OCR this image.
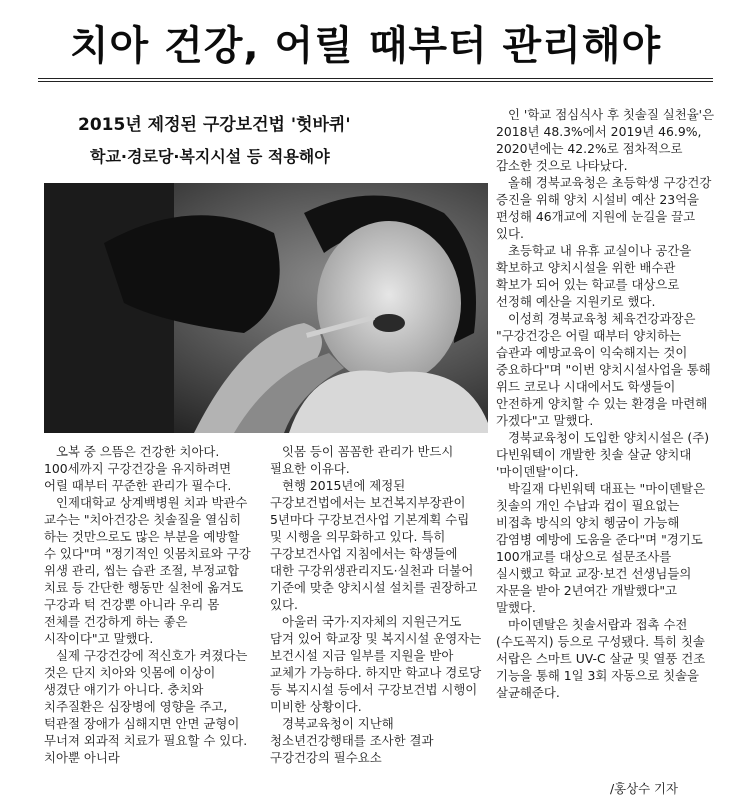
치아 건강, 어릴 때부터 관리해야
2015년 제정된 구강보건법 '헛바퀴'
학교·경로당·복지시설 등 적용해야

오복 중 으뜸은 건강한 치아다. 100세까지 구강건강을 유지하려면 어릴 때부터 꾸준한 관리가 필수다.

인제대학교 상계백병원 치과 박관수 교수는 "치아건강은 칫솔질을 열심히 하는 것만으로도 많은 부분을 예방할 수 있다"며 "정기적인 잇몸치료와 구강 위생 관리, 씹는 습관 조절, 부정교합 치료 등 간단한 행동만 실천에 옮겨도 구강과 턱 건강뿐 아니라 우리 몸 전체를 건강하게 하는 좋은 시작이다"고 말했다.

실제 구강건강에 적신호가 켜졌다는 것은 단지 치아와 잇몸에 이상이 생겼단 얘기가 아니다. 충치와 치주질환은 심장병에 영향을 주고, 턱관절 장애가 심해지면 안면 균형이 무너져 외과적 치료가 필요할 수 있다. 치아뿐 아니라

잇몸 등이 꼼꼼한 관리가 반드시 필요한 이유다.

현행 2015년에 제정된 구강보건법에서는 보건복지부장관이 5년마다 구강보건사업 기본계획 수립 및 시행을 의무화하고 있다. 특히 구강보건사업 지침에서는 학생들에 대한 구강위생관리지도·실천과 더불어 기준에 맞춘 양치시설 설치를 권장하고 있다.

아울러 국가·지자체의 지원근거도 담겨 있어 학교장 및 복지시설 운영자는 보건시설 지금 일부를 지원을 받아 교체가 가능하다. 하지만 학교나 경로당 등 복지시설 등에서 구강보건법 시행이 미비한 상황이다.

경북교육청이 지난해 청소년건강행태를 조사한 결과 구강건강의 필수요소

인 '학교 점심식사 후 칫솔질 실천율'은 2018년 48.3%에서 2019년 46.9%, 2020년에는 42.2%로 점차적으로 감소한 것으로 나타났다.

올해 경북교육청은 초등학생 구강건강 증진을 위해 양치 시설비 예산 23억을 편성해 46개교에 지원에 눈길을 끌고 있다.

초등학교 내 유휴 교실이나 공간을 확보하고 양치시설을 위한 배수관 확보가 되어 있는 학교를 대상으로 선정해 예산을 지원키로 했다.

이성희 경북교육청 체육건강과장은 "구강건강은 어릴 때부터 양치하는 습관과 예방교육이 익숙해지는 것이 중요하다"며 "이번 양치시설사업을 통해 위드 코로나 시대에서도 학생들이 안전하게 양치할 수 있는 환경을 마련해 가겠다"고 말했다.

경북교육청이 도입한 양치시설은 (주)다빈워텍이 개발한 칫솔 살균 양치대 '마이덴탈'이다.

박길재 다빈워텍 대표는 "마이덴탈은 칫솔의 개인 수납과 컵이 필요없는 비접촉 방식의 양치 헹굼이 가능해 감염병 예방에 도움을 준다"며 "경기도 100개교를 대상으로 설문조사를 실시했고 학교 교장·보건 선생님들의 자문을 받아 2년여간 개발했다"고 말했다.

마이덴탈은 칫솔서랍과 접촉 수전(수도꼭지) 등으로 구성됐다. 특히 칫솔 서랍은 스마트 UV-C 살균 및 열풍 건조 기능을 통해 1일 3회 자동으로 칫솔을 살균해준다.

/홍상수 기자
